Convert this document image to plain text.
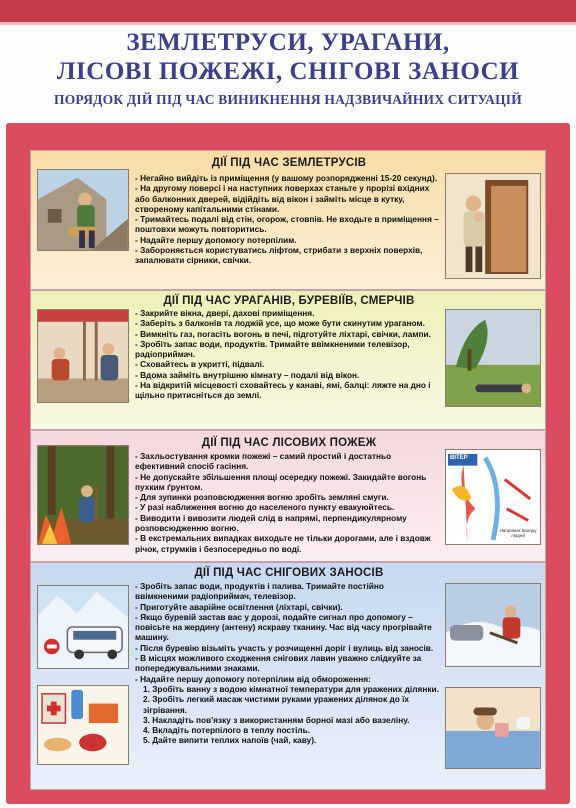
ЗЕМЛЕТРУСИ, УРАГАНИ,
ЛІСОВІ ПОЖЕЖІ, СНІГОВІ ЗАНОСИ
ПОРЯДОК ДІЙ ПІД ЧАС ВИНИКНЕННЯ НАДЗВИЧАЙНИХ СИТУАЦІЙ
ДІЇ ПІД ЧАС ЗЕМЛЕТРУСІВ
- Негайно вийдіть із приміщення (у вашому розпорядженні 15-20 секунд).
- На другому поверсі і на наступних поверхах станьте у прорізі вхідних або балконних дверей, відійдіть від вікон і займіть місце в кутку, створеному капітальними стінами.
- Тримайтесь подалі від стін, огорож, стовпів. Не входьте в приміщення – поштовхи можуть повторитись.
- Надайте першу допомогу потерпілим.
- Забороняється користуватись ліфтом, стрибати з верхніх поверхів, запалювати сірники, свічки.
ДІЇ ПІД ЧАС УРАГАНІВ, БУРЕВІЇВ, СМЕРЧІВ
- Закрийте вікна, двері, дахові приміщення.
- Заберіть з балконів та лоджій усе, що може бути скинутим ураганом.
- Вимкніть газ, погасіть вогонь в печі, підготуйте ліхтарі, свічки, лампи.
- Зробіть запас води, продуктів. Тримайте ввімкненими телевізор, радіоприймач.
- Сховайтесь в укритті, підвалі.
- Вдома займіть внутрішню кімнату – подалі від вікон.
- На відкритій місцевості сховайтесь у канаві, ямі, балці: ляжте на дно і щільно притисніться до землі.
ДІЇ ПІД ЧАС ЛІСОВИХ ПОЖЕЖ
- Захльостування кромки пожежі – самий простий і достатньо ефективний спосіб гасіння.
- Не допускайте збільшення площі осередку пожежі. Закидайте вогонь пухким ґрунтом.
- Для зупинки розповсюдження вогню зробіть земляні смуги.
- У разі наближення вогню до населеного пункту евакуюйтесь.
- Виводити і вивозити людей слід в напрямі, перпендикулярному розповсюдженню вогню.
- В екстремальних випадках виходьте не тільки дорогами, але і вздовж річок, струмків і безпосередньо по воді.
ВІТЕР
Напрямок виходу людей
ДІЇ ПІД ЧАС СНІГОВИХ ЗАНОСІВ
- Зробіть запас води, продуктів і палива. Тримайте постійно ввімкненими радіоприймач, телевізор.
- Приготуйте аварійне освітлення (ліхтарі, свічки).
- Якщо буревій застав вас у дорозі, подайте сигнал про допомогу – повісьте на жердину (антену) яскраву тканину. Час від часу прогрівайте машину.
- Після буревію візьміть участь у розчищенні доріг і вулиць від заносів.
- В місцях можливого сходження снігових лавин уважно слідкуйте за попереджувальними знаками.
- Надайте першу допомогу потерпілим від обмороження:
1. Зробіть ванну з водою кімнатної температури для уражених ділянки.
2. Зробіть легкий масаж чистими руками уражених ділянок до їх зігрівання.
3. Накладіть пов'язку з використанням борної мазі або вазеліну.
4. Вкладіть потерпілого в теплу постіль.
5. Дайте випити теплих напоїв (чай, каву).
